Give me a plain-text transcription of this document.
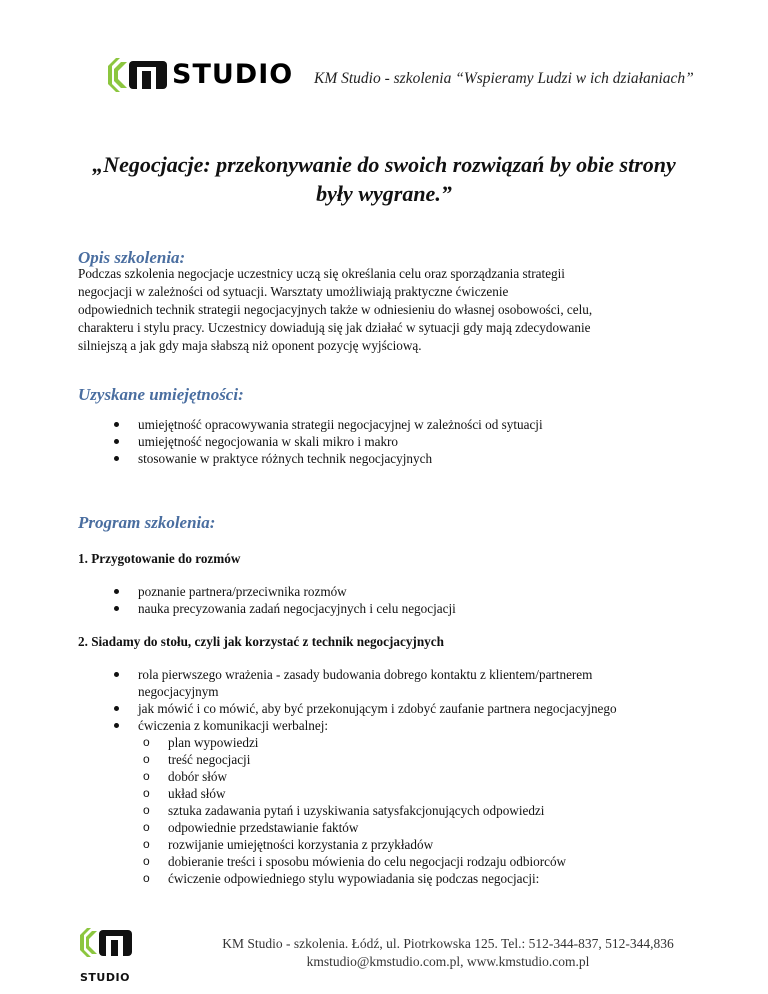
STUDIO KM Studio - szkolenia “Wspieramy Ludzi w ich działaniach”
„Negocjacje: przekonywanie do swoich rozwiązań by obie strony
były wygrane.”
Opis szkolenia:
Podczas szkolenia negocjacje uczestnicy uczą się określania celu oraz sporządzania strategii
negocjacji w zależności od sytuacji. Warsztaty umożliwiają praktyczne ćwiczenie
odpowiednich technik strategii negocjacyjnych także w odniesieniu do własnej osobowości, celu,
charakteru i stylu pracy. Uczestnicy dowiadują się jak działać w sytuacji gdy mają zdecydowanie
silniejszą a jak gdy maja słabszą niż oponent pozycję wyjściową.
Uzyskane umiejętności:
umiejętność opracowywania strategii negocjacyjnej w zależności od sytuacji
umiejętność negocjowania w skali mikro i makro
stosowanie w praktyce różnych technik negocjacyjnych
Program szkolenia:
1. Przygotowanie do rozmów
poznanie partnera/przeciwnika rozmów
nauka precyzowania zadań negocjacyjnych i celu negocjacji
2. Siadamy do stołu, czyli jak korzystać z technik negocjacyjnych
rola pierwszego wrażenia - zasady budowania dobrego kontaktu z klientem/partnerem
negocjacyjnym
jak mówić i co mówić, aby być przekonującym i zdobyć zaufanie partnera negocjacyjnego
ćwiczenia z komunikacji werbalnej:
o plan wypowiedzi
o treść negocjacji
o dobór słów
o układ słów
o sztuka zadawania pytań i uzyskiwania satysfakcjonujących odpowiedzi
o odpowiednie przedstawianie faktów
o rozwijanie umiejętności korzystania z przykładów
o dobieranie treści i sposobu mówienia do celu negocjacji rodzaju odbiorców
o ćwiczenie odpowiedniego stylu wypowiadania się podczas negocjacji:
STUDIO
KM Studio - szkolenia. Łódź, ul. Piotrkowska 125. Tel.: 512-344-837, 512-344,836
kmstudio@kmstudio.com.pl, www.kmstudio.com.pl
